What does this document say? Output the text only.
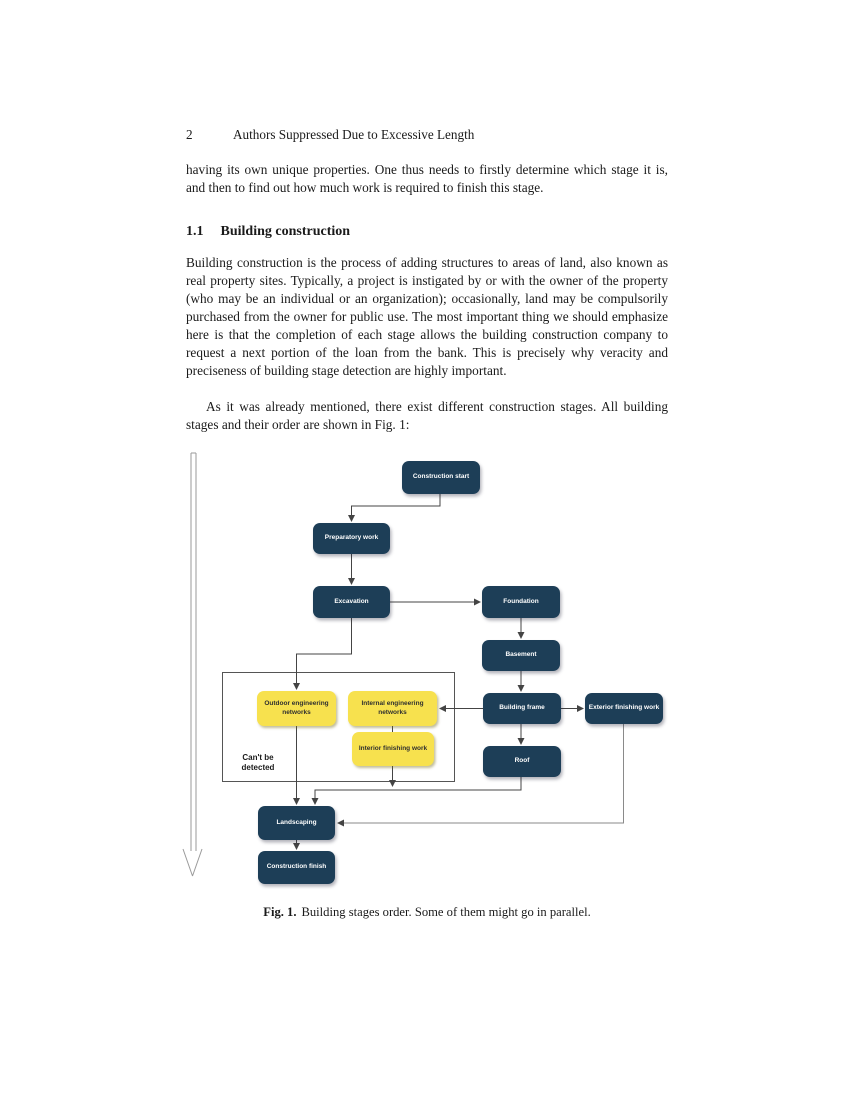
2	Authors Suppressed Due to Excessive Length

having its own unique properties. One thus needs to firstly determine which stage it is, and then to find out how much work is required to finish this stage.

1.1 Building construction

Building construction is the process of adding structures to areas of land, also known as real property sites. Typically, a project is instigated by or with the owner of the property (who may be an individual or an organization); occasionally, land may be compulsorily purchased from the owner for public use. The most important thing we should emphasize here is that the completion of each stage allows the building construction company to request a next portion of the loan from the bank. This is precisely why veracity and preciseness of building stage detection are highly important.

As it was already mentioned, there exist different construction stages. All building stages and their order are shown in Fig. 1:

Can't be detected
Construction start
Preparatory work
Excavation	Foundation
Basement
Building frame	Exterior finishing work
Roof
Outdoor engineering networks
Internal engineering networks
Interior finishing work
Landscaping
Construction finish
Fig. 1. Building stages order. Some of them might go in parallel.
